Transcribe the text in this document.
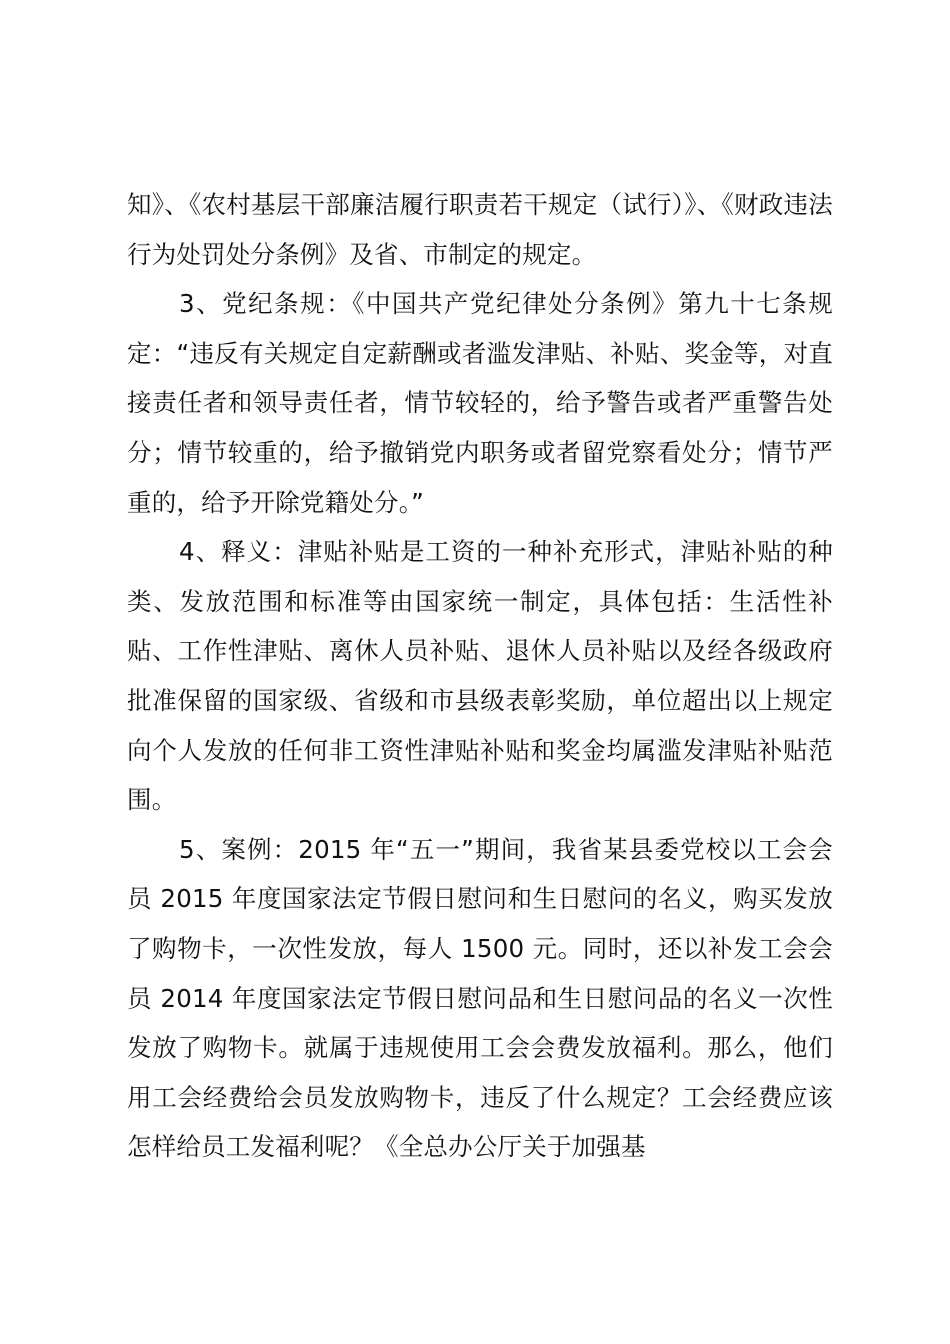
知》、《农村基层干部廉洁履行职责若干规定（试行）》、《财政违法行为处罚处分条例》及省、市制定的规定。

3、党纪条规：《中国共产党纪律处分条例》第九十七条规定：“违反有关规定自定薪酬或者滥发津贴、补贴、奖金等，对直接责任者和领导责任者，情节较轻的，给予警告或者严重警告处分；情节较重的，给予撤销党内职务或者留党察看处分；情节严重的，给予开除党籍处分。”

4、释义：津贴补贴是工资的一种补充形式，津贴补贴的种类、发放范围和标准等由国家统一制定，具体包括：生活性补贴、工作性津贴、离休人员补贴、退休人员补贴以及经各级政府批准保留的国家级、省级和市县级表彰奖励，单位超出以上规定向个人发放的任何非工资性津贴补贴和奖金均属滥发津贴补贴范围。

5、案例：2015 年“五一”期间，我省某县委党校以工会会员 2015 年度国家法定节假日慰问和生日慰问的名义，购买发放了购物卡，一次性发放，每人 1500 元。同时，还以补发工会会员 2014 年度国家法定节假日慰问品和生日慰问品的名义一次性发放了购物卡。就属于违规使用工会会费发放福利。那么，他们用工会经费给会员发放购物卡，违反了什么规定？工会经费应该怎样给员工发福利呢？《全总办公厅关于加强基
